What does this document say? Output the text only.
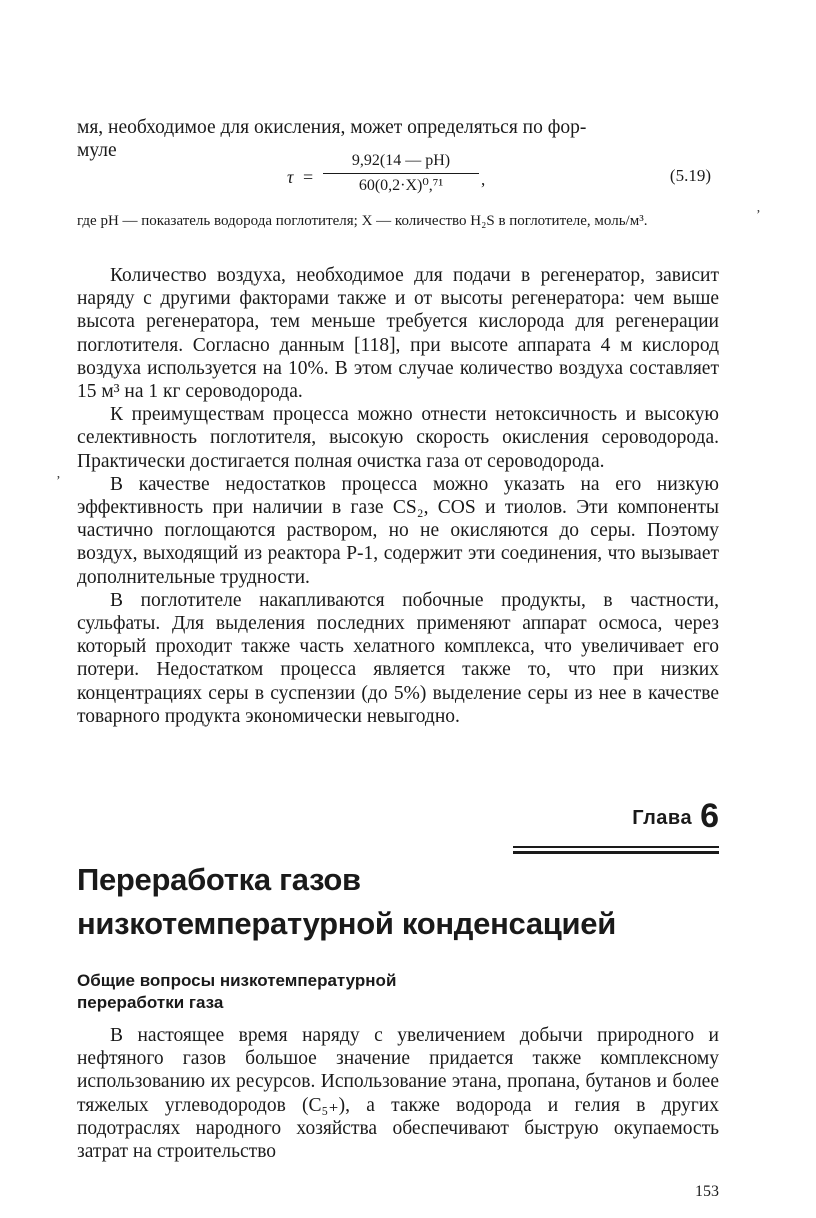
мя, необходимое для окисления, может определяться по фор-

муле

τ =
9,92(14 — pH)
60(0,2·X)⁰,⁷¹	,	(5.19)
где pH — показатель водорода поглотителя; X — количество H₂S в поглотителе, моль/м³.

Количество воздуха, необходимое для подачи в регенератор, зависит наряду с другими факторами также и от высоты регенератора: чем выше высота регенератора, тем меньше требуется кислорода для регенерации поглотителя. Согласно данным [118], при высоте аппарата 4 м кислород воздуха используется на 10%. В этом случае количество воздуха составляет 15 м³ на 1 кг сероводорода.

К преимуществам процесса можно отнести нетоксичность и высокую селективность поглотителя, высокую скорость окисления сероводорода. Практически достигается полная очистка газа от сероводорода.

В качестве недостатков процесса можно указать на его низкую эффективность при наличии в газе CS₂, COS и тиолов. Эти компоненты частично поглощаются раствором, но не окисляются до серы. Поэтому воздух, выходящий из реактора Р-1, содержит эти соединения, что вызывает дополнительные трудности.

В поглотителе накапливаются побочные продукты, в частности, сульфаты. Для выделения последних применяют аппарат осмоса, через который проходит также часть хелатного комплекса, что увеличивает его потери. Недостатком процесса является также то, что при низких концентрациях серы в суспензии (до 5%) выделение серы из нее в качестве товарного продукта экономически невыгодно.

Глава 6
Переработка газов
низкотемпературной конденсацией
Общие вопросы низкотемпературной
переработки газа

В настоящее время наряду с увеличением добычи природного и нефтяного газов большое значение придается также комплексному использованию их ресурсов. Использование этана, пропана, бутанов и более тяжелых углеводородов (C₅₊), а также водорода и гелия в других подотраслях народного хозяйства обеспечивают быструю окупаемость затрат на строительство

153
ʼ
ʼ
